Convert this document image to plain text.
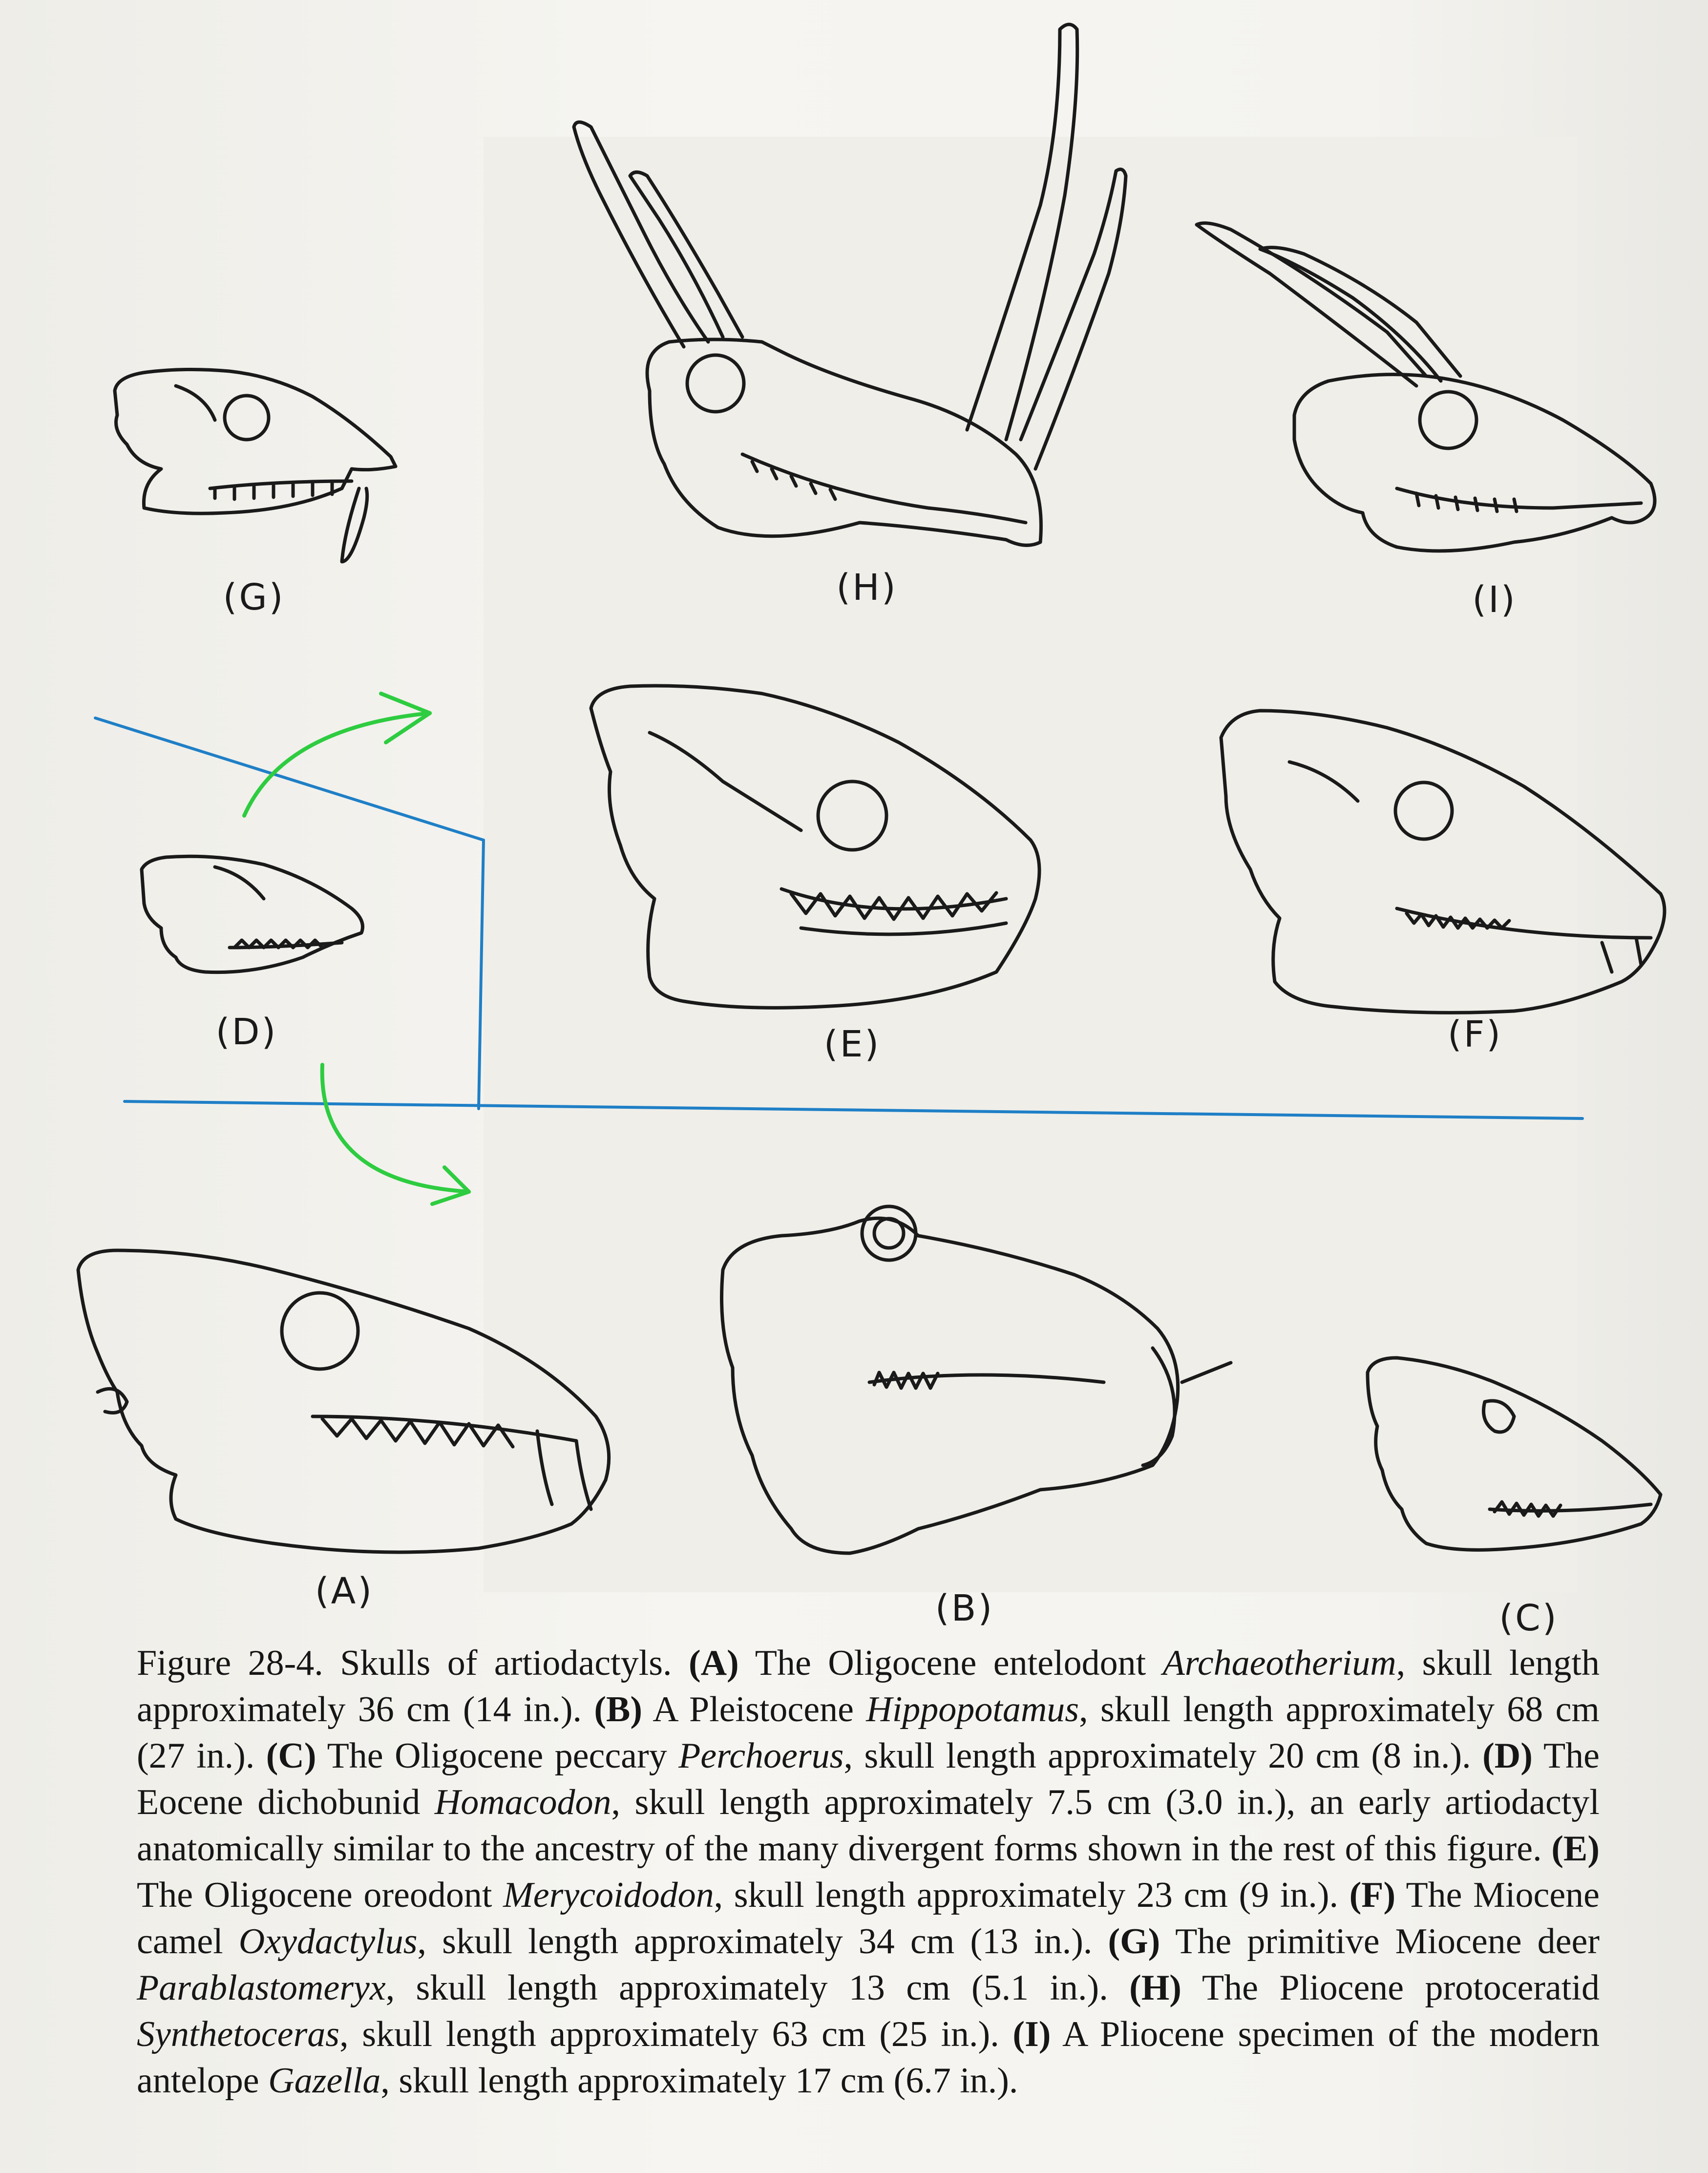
(G)	(H)	(I)
(D)	(E)	(F)
(A)	(B)	(C)
Figure 28-4. Skulls of artiodactyls. (A) The Oligocene entelodont Archaeotherium, skull length approximately 36 cm (14 in.). (B) A Pleistocene Hippopotamus, skull length approximately 68 cm (27 in.). (C) The Oligocene peccary Perchoerus, skull length approximately 20 cm (8 in.). (D) The Eocene dichobunid Homacodon, skull length approximately 7.5 cm (3.0 in.), an early artiodactyl anatomically similar to the ancestry of the many divergent forms shown in the rest of this figure. (E) The Oligocene oreodont Merycoidodon, skull length approximately 23 cm (9 in.). (F) The Miocene camel Oxydactylus, skull length approximately 34 cm (13 in.). (G) The primitive Miocene deer Parablastomeryx, skull length approximately 13 cm (5.1 in.). (H) The Pliocene protoceratid Synthetoceras, skull length approximately 63 cm (25 in.). (I) A Pliocene specimen of the modern antelope Gazella, skull length approximately 17 cm (6.7 in.).
